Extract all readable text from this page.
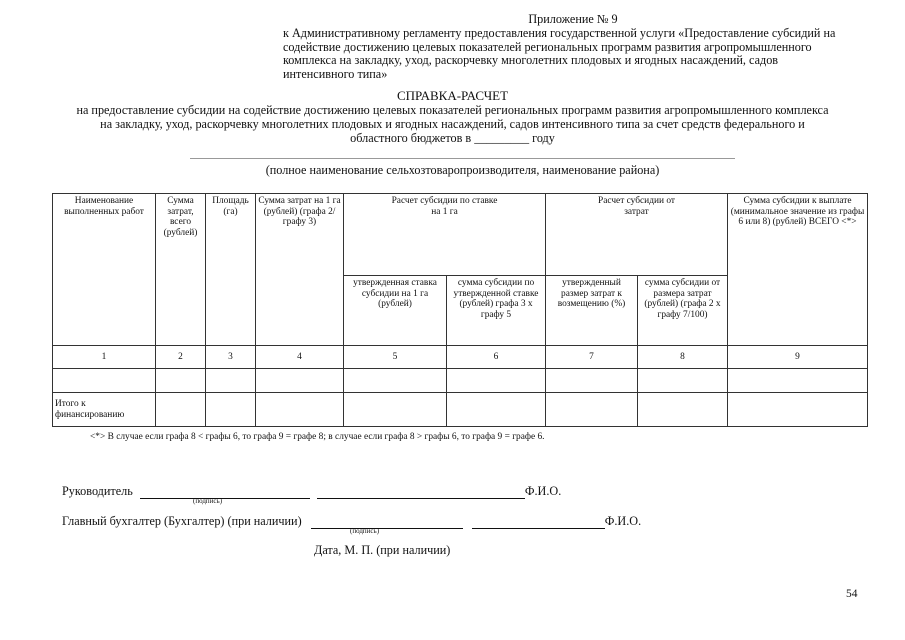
Приложение № 9
к Административному регламенту предоставления государственной услуги «Предоставление субсидий на
содействие достижению целевых показателей региональных программ развития агропромышленного
комплекса на закладку, уход, раскорчевку многолетних плодовых и ягодных насаждений, садов
интенсивного типа»
СПРАВКА-РАСЧЕТ
на предоставление субсидии на содействие достижению целевых показателей региональных программ развития агропромышленного комплекса
на закладку, уход, раскорчевку многолетних плодовых и ягодных насаждений, садов интенсивного типа за счет средств федерального и
областного бюджетов в _________ году
(полное наименование сельхозтоваропроизводителя, наименование района)
Наименование выполненных работ	Сумма затрат, всего (рублей)	Площадь (га)	Сумма затрат на 1 га (рублей) (графа 2/графу 3)	Расчет субсидии по ставке на 1 га		Расчет субсидии от затрат		Сумма субсидии к выплате (минимальное значение из графы 6 или 8) (рублей) ВСЕГО <*>
				утвержденная ставка субсидии на 1 га (рублей)	сумма субсидии по утвержденной ставке (рублей) графа 3 x графу 5	утвержденный размер затрат к возмещению (%)	сумма субсидии от размера затрат (рублей) (графа 2 x графу 7/100)	
1	2	3	4	5	6	7	8	9

Итого к финансированию								
<*> В случае если графа 8 < графы 6, то графа 9 = графе 8; в случае если графа 8 > графы 6, то графа 9 = графе 6.
Руководитель	Ф.И.О.
(подпись)
Главный бухгалтер (Бухгалтер) (при наличии)	Ф.И.О.
(подпись)
Дата, М. П. (при наличии)
54
